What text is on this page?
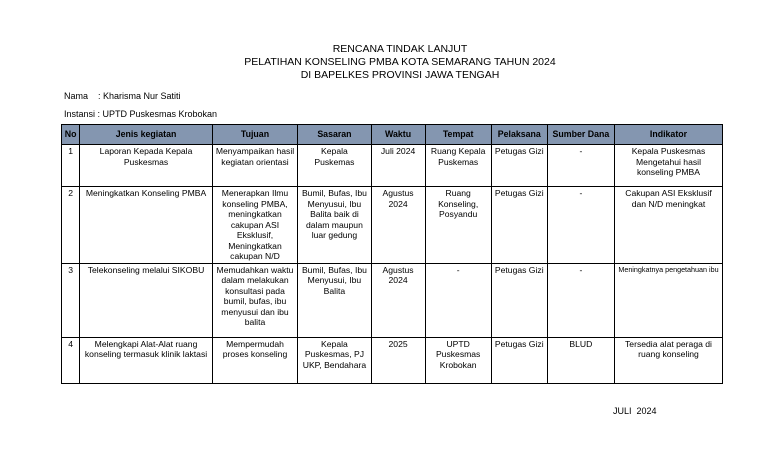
RENCANA TINDAK LANJUT
PELATIHAN KONSELING PMBA KOTA SEMARANG TAHUN 2024
DI BAPELKES PROVINSI JAWA TENGAH
Nama    : Kharisma Nur Satiti
Instansi : UPTD Puskesmas Krobokan
No	Jenis kegiatan	Tujuan	Sasaran	Waktu	Tempat	Pelaksana	Sumber Dana	Indikator
1	Laporan Kepada Kepala Puskesmas	Menyampaikan hasil kegiatan orientasi	Kepala Puskemas	Juli 2024	Ruang Kepala Puskemas	Petugas Gizi	-	Kepala Puskesmas Mengetahui hasil konseling PMBA
2	Meningkatkan Konseling PMBA	Menerapkan Ilmu konseling PMBA, meningkatkan cakupan ASI Eksklusif, Meningkatkan cakupan N/D	Bumil, Bufas, Ibu Menyusui, Ibu Balita baik di dalam maupun luar gedung	Agustus 2024	Ruang Konseling, Posyandu	Petugas Gizi	-	Cakupan ASI Eksklusif dan N/D meningkat
3	Telekonseling melalui SIKOBU	Memudahkan waktu dalam melakukan konsultasi pada bumil, bufas, ibu menyusui dan ibu balita	Bumil, Bufas, Ibu Menyusui, Ibu Balita	Agustus 2024	-	Petugas Gizi	-	Meningkatnya pengetahuan ibu
4	Melengkapi Alat-Alat ruang konseling termasuk klinik laktasi	Mempermudah proses konseling	Kepala Puskesmas, PJ UKP, Bendahara	2025	UPTD Puskesmas Krobokan	Petugas Gizi	BLUD	Tersedia alat peraga di ruang konseling
JULI  2024
